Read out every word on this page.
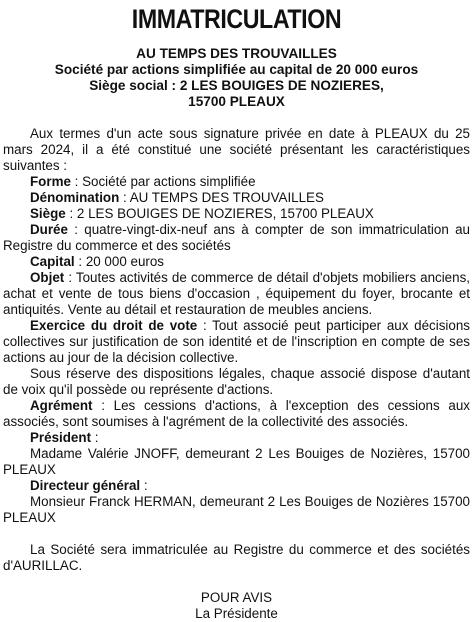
IMMATRICULATION
AU TEMPS DES TROUVAILLES
Société par actions simplifiée au capital de 20 000 euros
Siège social : 2 LES BOUIGES DE NOZIERES,
15700 PLEAUX

Aux termes d'un acte sous signature privée en date à PLEAUX du 25 mars 2024, il a été constitué une société présentant les caractéristiques suivantes :

Forme : Société par actions simplifiée

Dénomination : AU TEMPS DES TROUVAILLES

Siège : 2 LES BOUIGES DE NOZIERES, 15700 PLEAUX

Durée : quatre-vingt-dix-neuf ans à compter de son immatriculation au Registre du commerce et des sociétés

Capital : 20 000 euros

Objet : Toutes activités de commerce de détail d'objets mobiliers anciens, achat et vente de tous biens d'occasion , équipement du foyer, brocante et antiquités. Vente au détail et restauration de meubles anciens.

Exercice du droit de vote : Tout associé peut participer aux décisions collectives sur justification de son identité et de l'inscription en compte de ses actions au jour de la décision collective.

Sous réserve des dispositions légales, chaque associé dispose d'autant de voix qu'il possède ou représente d'actions.

Agrément : Les cessions d'actions, à l'exception des cessions aux associés, sont soumises à l'agrément de la collectivité des associés.

Président :

Madame Valérie JNOFF, demeurant 2 Les Bouiges de Nozières, 15700 PLEAUX

Directeur général :

Monsieur Franck HERMAN, demeurant 2 Les Bouiges de Nozières 15700 PLEAUX

La Société sera immatriculée au Registre du commerce et des sociétés d'AURILLAC.

POUR AVIS
La Présidente
